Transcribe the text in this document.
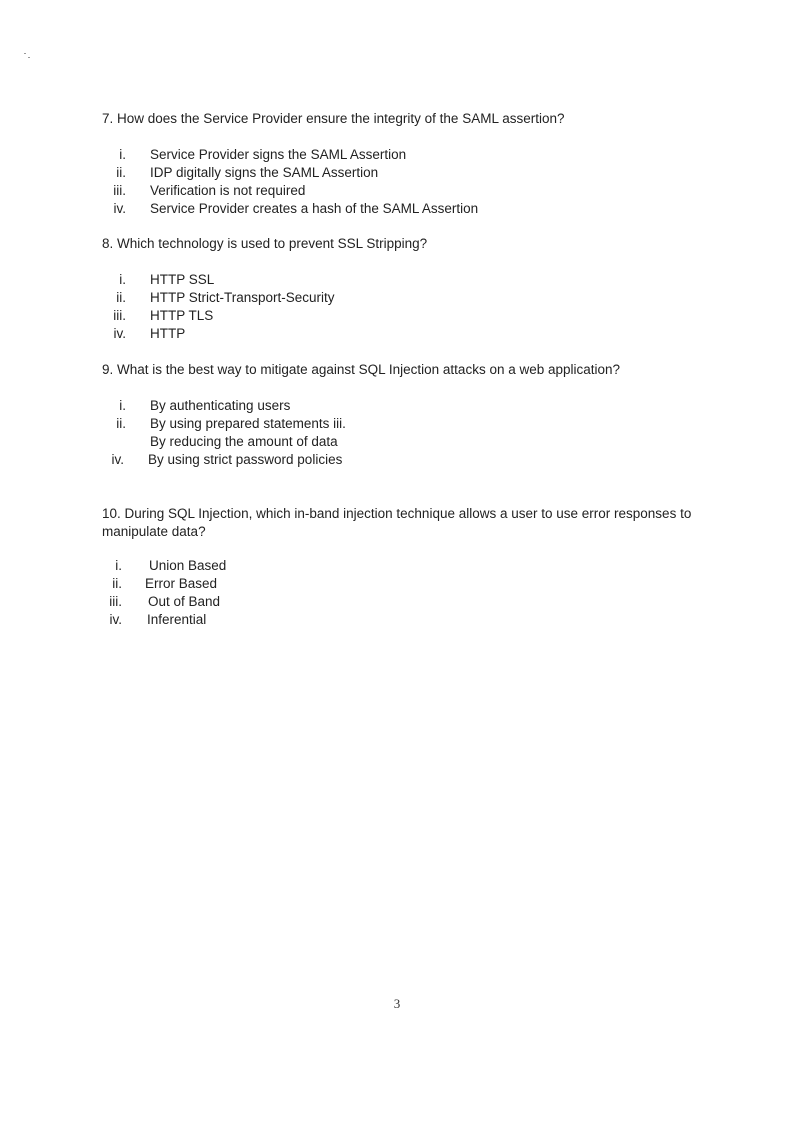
7. How does the Service Provider ensure the integrity of the SAML assertion?
i. Service Provider signs the SAML Assertion
ii. IDP digitally signs the SAML Assertion
iii. Verification is not required
iv. Service Provider creates a hash of the SAML Assertion
8. Which technology is used to prevent SSL Stripping?
i. HTTP SSL
ii. HTTP Strict-Transport-Security
iii. HTTP TLS
iv. HTTP
9. What is the best way to mitigate against SQL Injection attacks on a web application?
i. By authenticating users
ii. By using prepared statements iii.
By reducing the amount of data
iv. By using strict password policies
10. During SQL Injection, which in-band injection technique allows a user to use error responses to manipulate data?
i. Union Based
ii. Error Based
iii. Out of Band
iv. Inferential
3
